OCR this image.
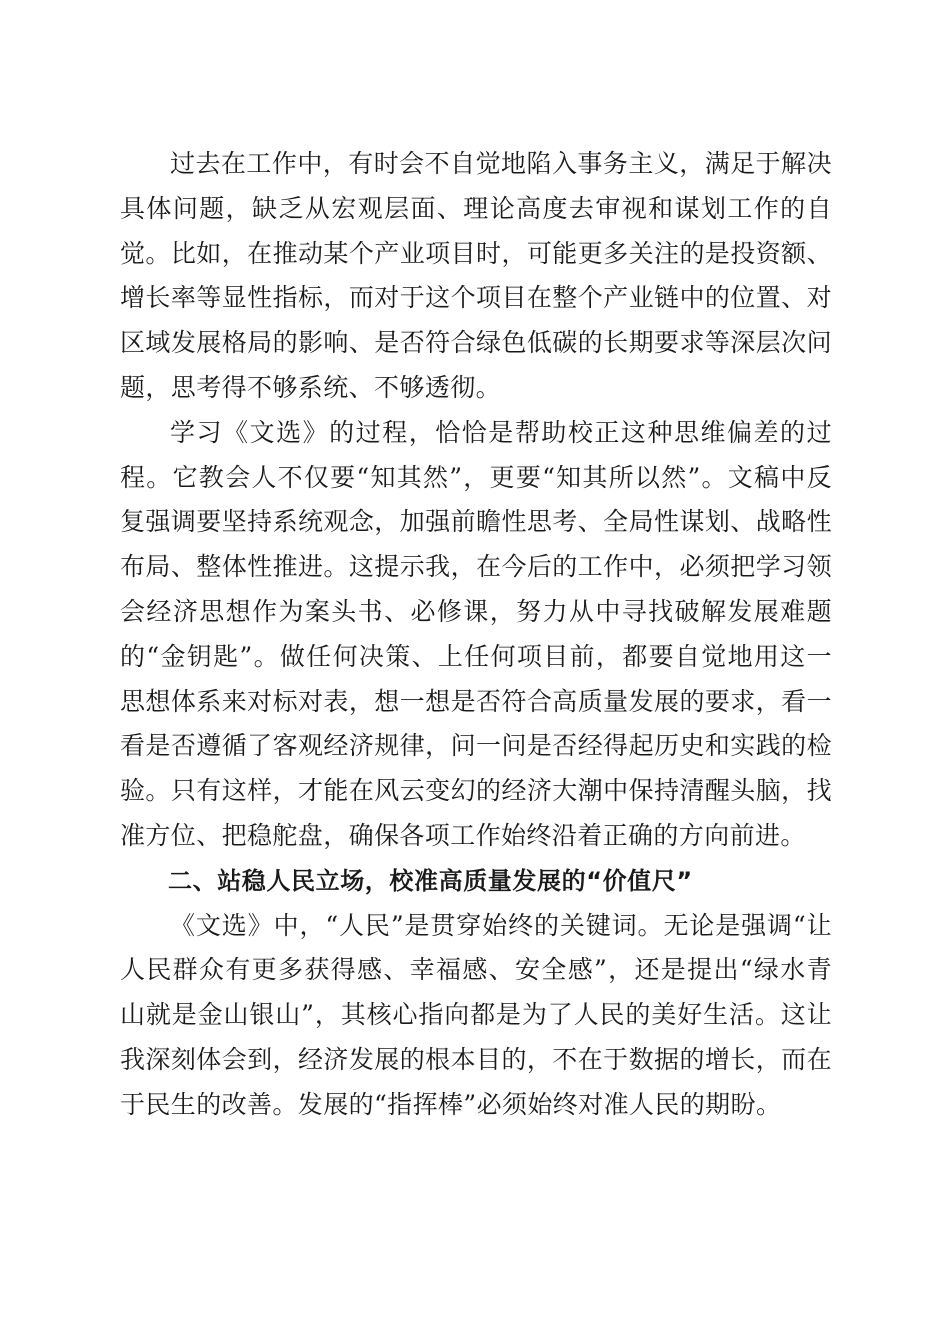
过去在工作中，有时会不自觉地陷入事务主义，满足于解决具体问题，缺乏从宏观层面、理论高度去审视和谋划工作的自觉。比如，在推动某个产业项目时，可能更多关注的是投资额、增长率等显性指标，而对于这个项目在整个产业链中的位置、对区域发展格局的影响、是否符合绿色低碳的长期要求等深层次问题，思考得不够系统、不够透彻。

学习《文选》的过程，恰恰是帮助校正这种思维偏差的过程。它教会人不仅要“知其然”，更要“知其所以然”。文稿中反复强调要坚持系统观念，加强前瞻性思考、全局性谋划、战略性布局、整体性推进。这提示我，在今后的工作中，必须把学习领会经济思想作为案头书、必修课，努力从中寻找破解发展难题的“金钥匙”。做任何决策、上任何项目前，都要自觉地用这一思想体系来对标对表，想一想是否符合高质量发展的要求，看一看是否遵循了客观经济规律，问一问是否经得起历史和实践的检验。只有这样，才能在风云变幻的经济大潮中保持清醒头脑，找准方位、把稳舵盘，确保各项工作始终沿着正确的方向前进。

二、站稳人民立场，校准高质量发展的“价值尺”

《文选》中，“人民”是贯穿始终的关键词。无论是强调“让人民群众有更多获得感、幸福感、安全感”，还是提出“绿水青山就是金山银山”，其核心指向都是为了人民的美好生活。这让我深刻体会到，经济发展的根本目的，不在于数据的增长，而在于民生的改善。发展的“指挥棒”必须始终对准人民的期盼。
